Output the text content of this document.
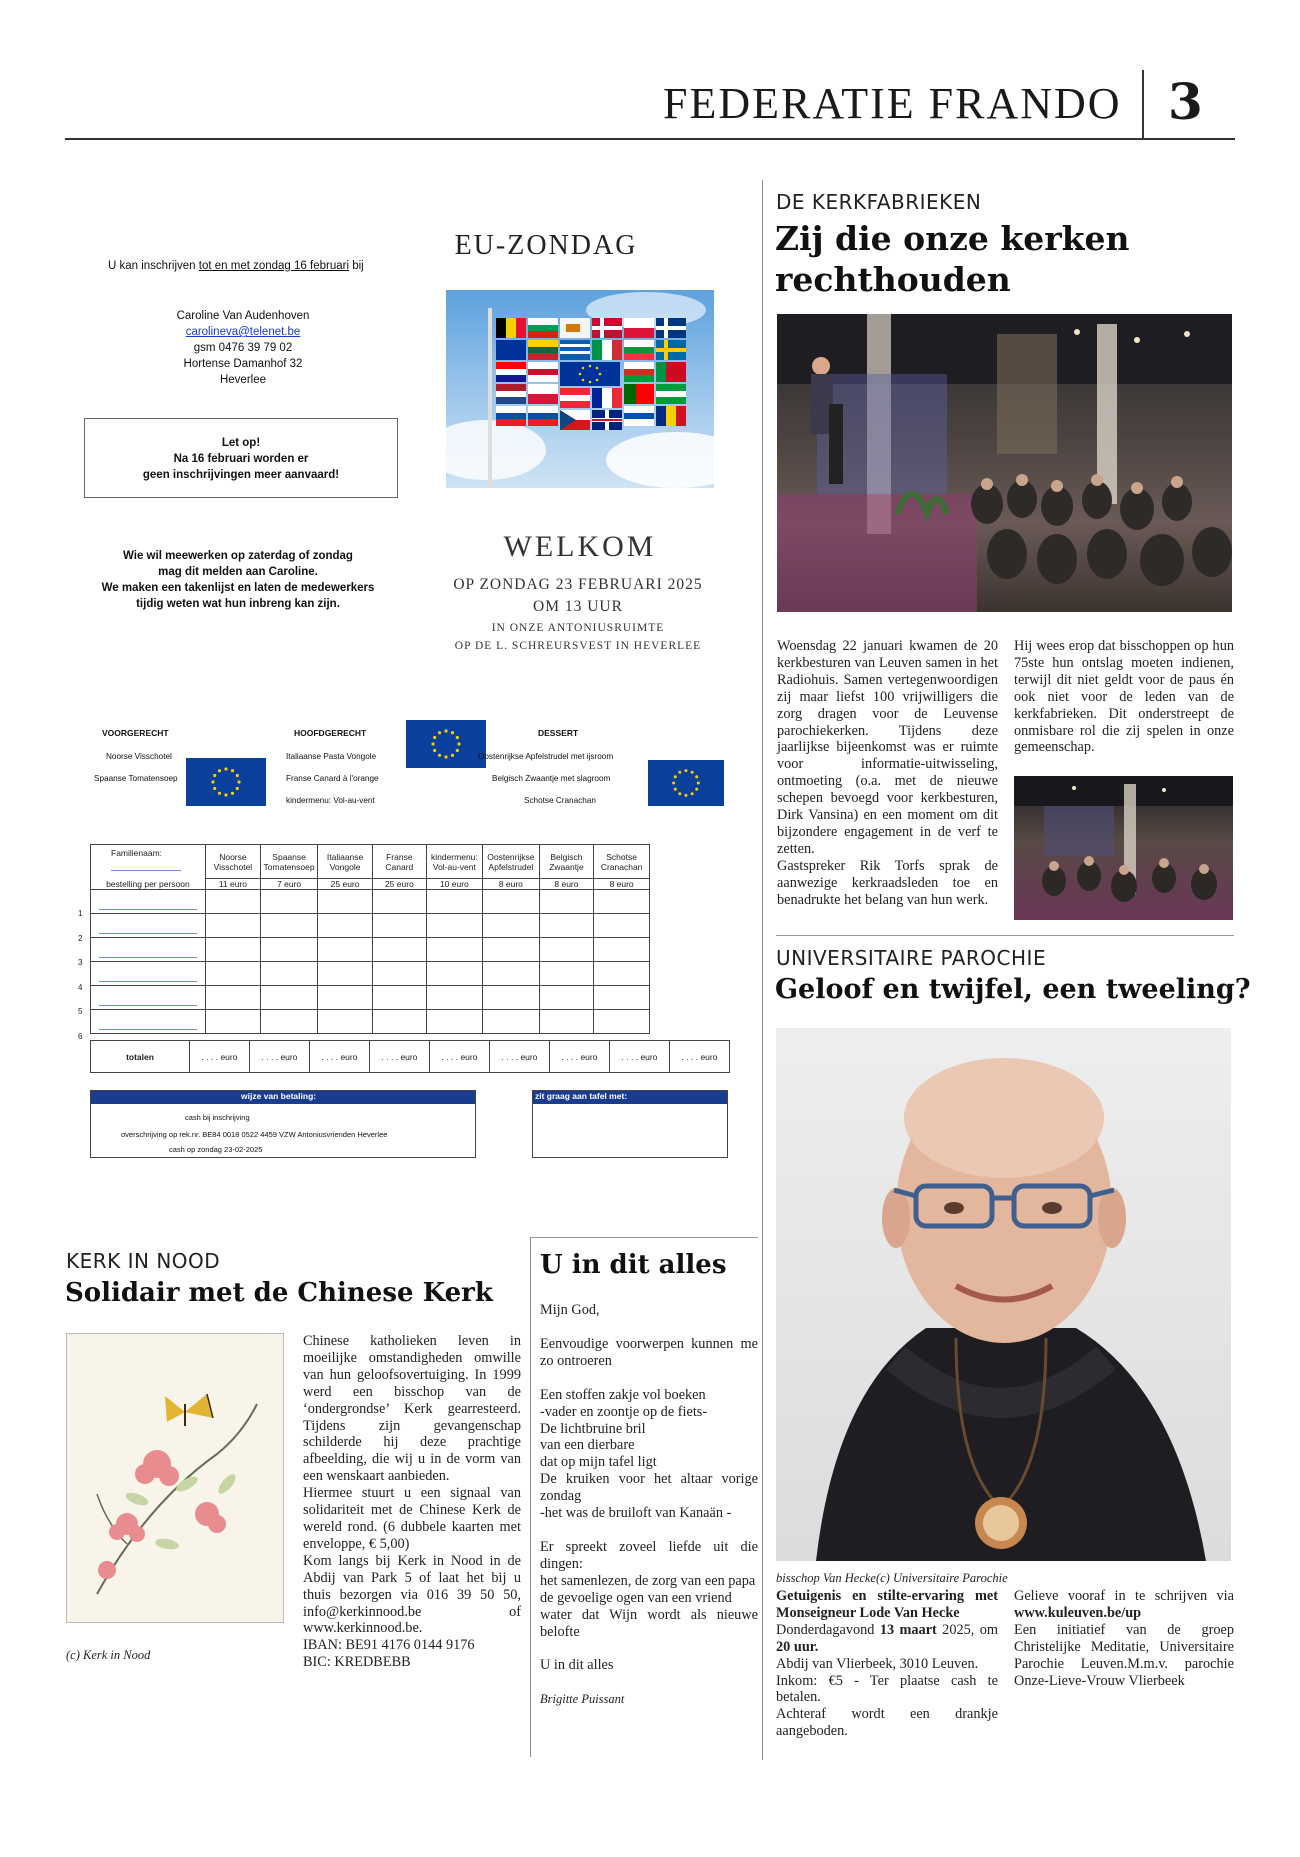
FEDERATIE FRANDO 3
U kan inschrijven tot en met zondag 16 februari bij
Caroline Van Audenhoven
carolineva@telenet.be
gsm 0476 39 79 02
Hortense Damanhof 32
Heverlee
Let op!
Na 16 februari worden er
geen inschrijvingen meer aanvaard!
Wie wil meewerken op zaterdag of zondag
mag dit melden aan Caroline.
We maken een takenlijst en laten de medewerkers
tijdig weten wat hun inbreng kan zijn.
EU-ZONDAG
WELKOM
OP ZONDAG 23 FEBRUARI 2025
OM 13 UUR
IN ONZE ANTONIUSRUIMTE
OP DE L. SCHREURSVEST IN HEVERLEE
VOORGERECHT
Noorse Visschotel
Spaanse Tomatensoep
HOOFDGERECHT
Italiaanse Pasta Vongole
Franse Canard à l'orange
kindermenu: Vol-au-vent
DESSERT
Oostenrijkse Apfelstrudel met ijsroom
Belgisch Zwaantje met slagroom
Schotse Cranachan
1
2
3
4
5
6
Familienaam:	Noorse Visschotel	Spaanse Tomatensoep	Italiaanse Vongole	Franse Canard	kindermenu: Vol-au-vent	Oostenrijkse Apfelstrudel	Belgisch Zwaantje	Schotse Cranachan
bestelling per persoon	11 euro	7 euro	25 euro	25 euro	10 euro	8 euro	8 euro	8 euro

totalen	. . . . euro	. . . . euro	. . . . euro	. . . . euro	. . . . euro	. . . . euro	. . . . euro	. . . . euro	. . . . euro
wijze van betaling:
cash bij inschrijving
overschrijving op rek.nr. BE84 0018 0522 4459 VZW Antoniusvrienden Heverlee
cash op zondag 23-02-2025
zit graag aan tafel met:
DE KERKFABRIEKEN
Zij die onze kerken
rechthouden

Woensdag 22 januari kwamen de 20 kerkbesturen van Leuven samen in het Radiohuis. Samen vertegenwoordigen zij maar liefst 100 vrijwilligers die zorg dragen voor de Leuvense parochiekerken. Tijdens deze jaarlijkse bijeenkomst was er ruimte voor informatie-uitwisseling, ontmoeting (o.a. met de nieuwe schepen bevoegd voor kerkbesturen, Dirk Vansina) en een moment om dit bijzondere engagement in de verf te zetten.

Gastspreker Rik Torfs sprak de aanwezige kerkraadsleden toe en benadrukte het belang van hun werk.

Hij wees erop dat bisschoppen op hun 75ste hun ontslag moeten indienen, terwijl dit niet geldt voor de paus én ook niet voor de leden van de kerkfabrieken. Dit onderstreept de onmisbare rol die zij spelen in onze gemeenschap.

UNIVERSITAIRE PAROCHIE
Geloof en twijfel, een tweeling?
bisschop Van Hecke(c) Universitaire Parochie

Getuigenis en stilte-ervaring met Monseigneur Lode Van Hecke

Donderdagavond 13 maart 2025, om 20 uur.

Abdij van Vlierbeek, 3010 Leuven.

Inkom: €5 - Ter plaatse cash te betalen.

Achteraf wordt een drankje aangeboden.

Gelieve vooraf in te schrijven via www.kuleuven.be/up

Een initiatief van de groep Christelijke Meditatie, Universitaire Parochie Leuven.M.m.v. parochie Onze-Lieve-Vrouw Vlierbeek

KERK IN NOOD
Solidair met de Chinese Kerk
(c) Kerk in Nood

Chinese katholieken leven in moeilijke omstandigheden omwille van hun geloofsovertuiging. In 1999 werd een bisschop van de ‘ondergrondse’ Kerk gearresteerd. Tijdens zijn gevangenschap schilderde hij deze prachtige afbeelding, die wij u in de vorm van een wenskaart aanbieden.

Hiermee stuurt u een signaal van solidariteit met de Chinese Kerk de wereld rond. (6 dubbele kaarten met enveloppe, € 5,00)

Kom langs bij Kerk in Nood in de Abdij van Park 5 of laat het bij u thuis bezorgen via 016 39 50 50, info@kerkinnood.be of www.kerkinnood.be.

IBAN: BE91 4176 0144 9176

BIC: KREDBEBB

U in dit alles

Mijn God,

Eenvoudige voorwerpen kunnen me zo ontroeren

Een stoffen zakje vol boeken

-vader en zoontje op de fiets-

De lichtbruine bril

van een dierbare

dat op mijn tafel ligt

De kruiken voor het altaar vorige zondag

-het was de bruiloft van Kanaän -

Er spreekt zoveel liefde uit die dingen:

het samenlezen, de zorg van een papa

de gevoelige ogen van een vriend

water dat Wijn wordt als nieuwe belofte

U in dit alles

Brigitte Puissant
